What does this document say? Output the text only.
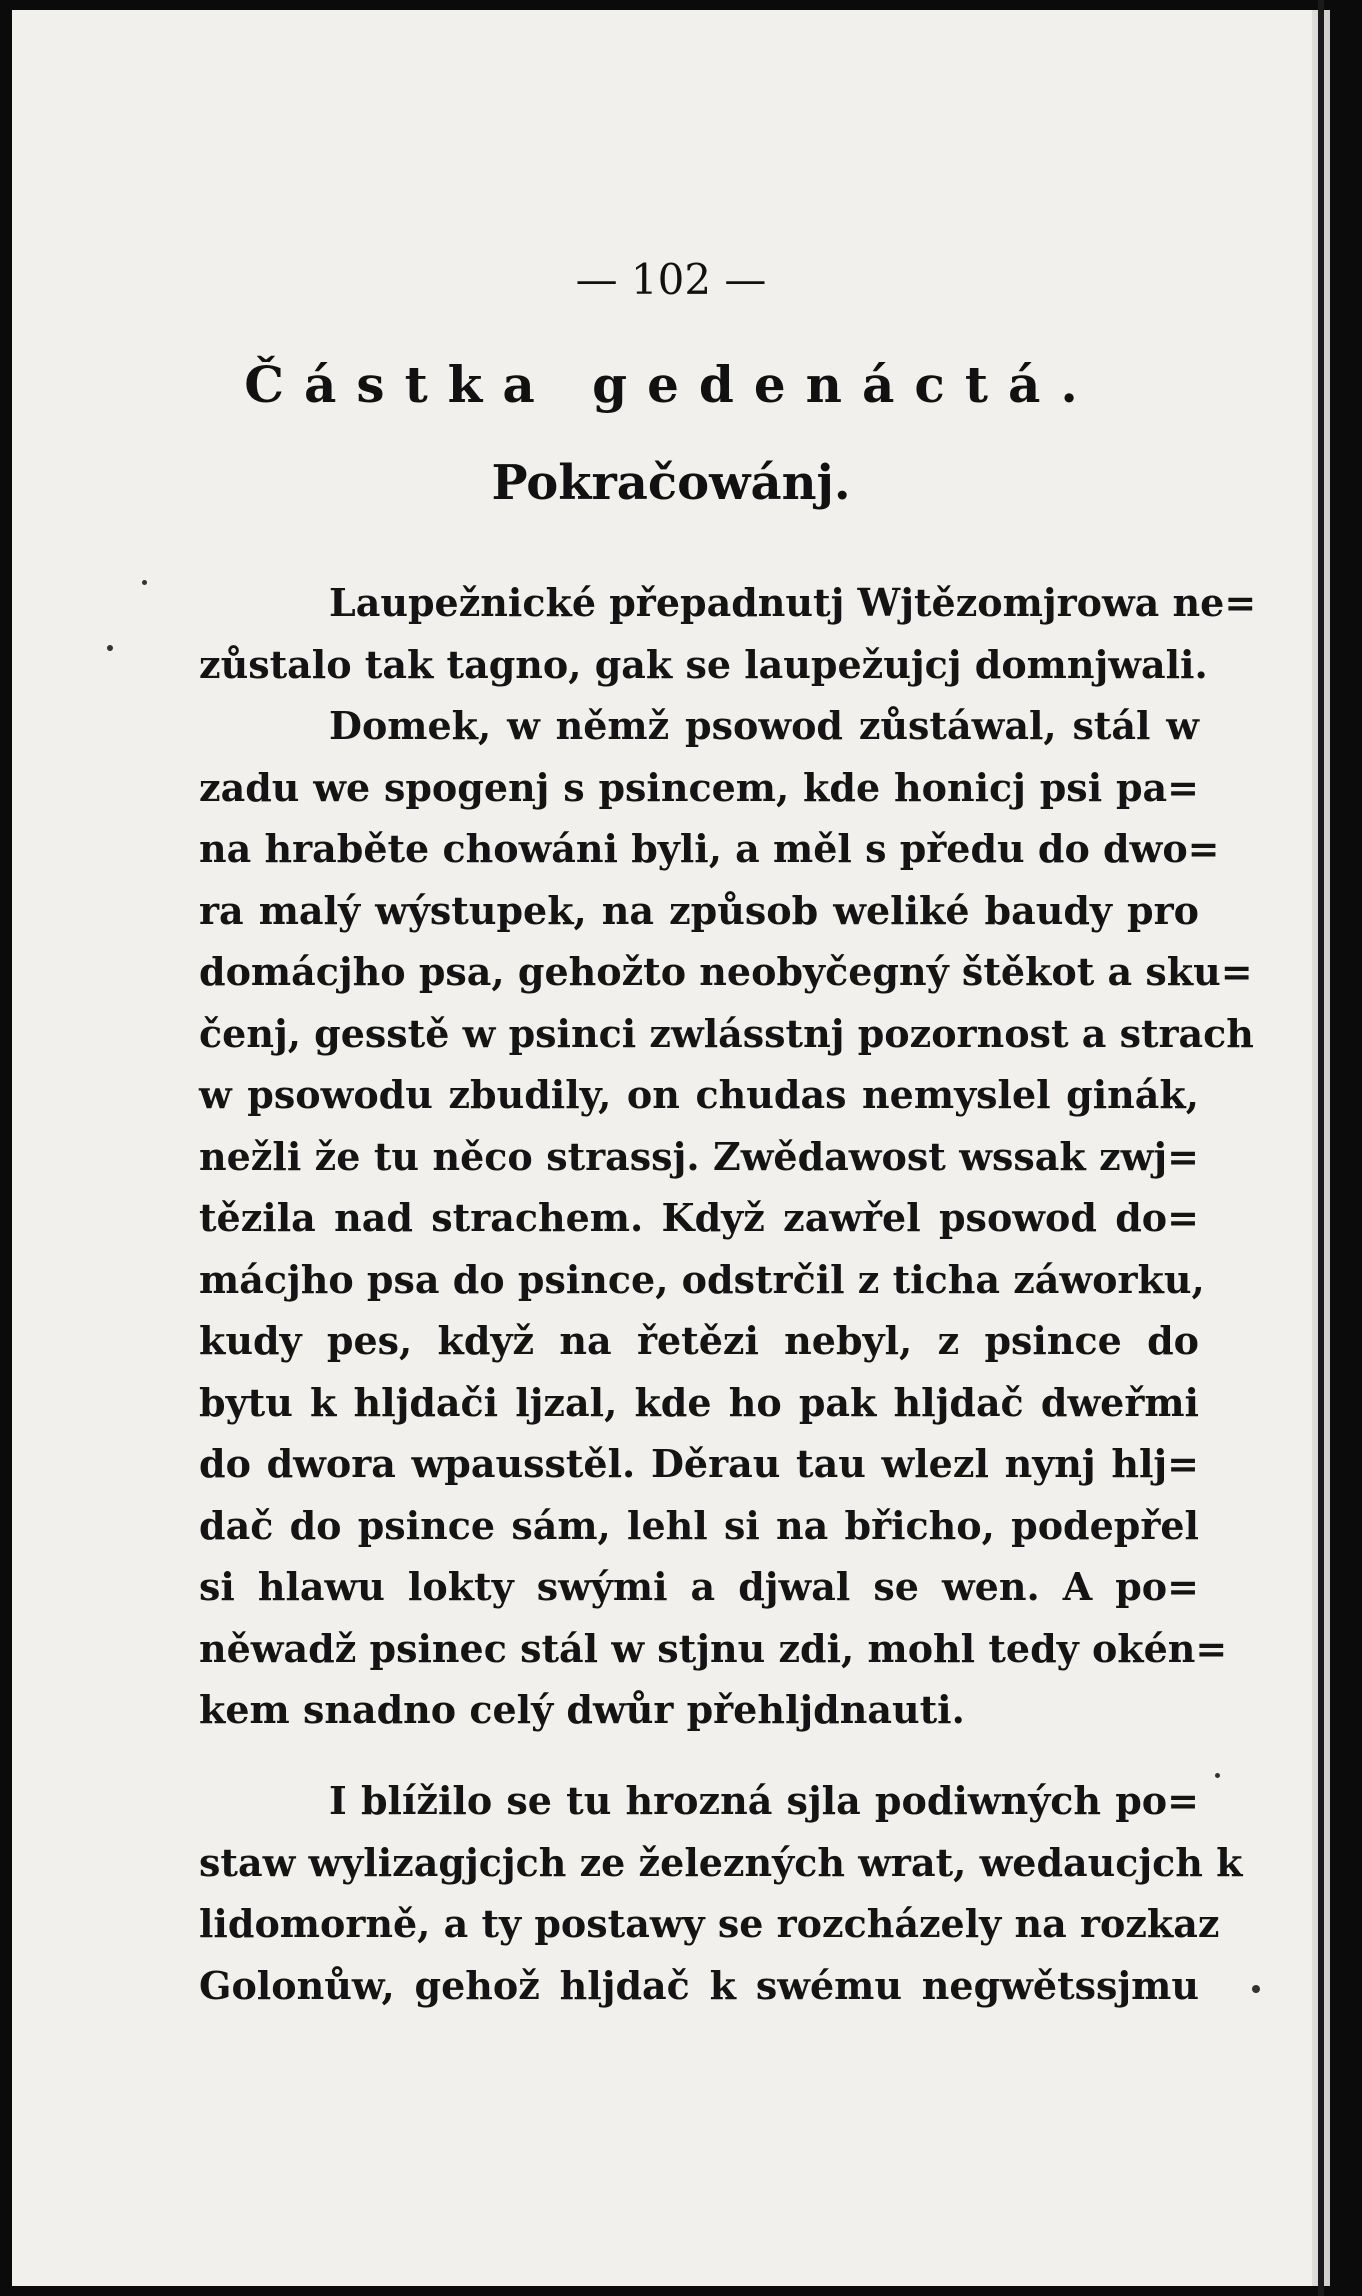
— 102 —
Částka gedenáctá.
Pokračowánj.
Laupežnické přepadnutj Wjtězomjrowa ne=
zůstalo tak tagno, gak se laupežujcj domnjwali.
Domek, w němž psowod zůstáwal, stál w
zadu we spogenj s psincem, kde honicj psi pa=
na hraběte chowáni byli, a měl s předu do dwo=
ra malý wýstupek, na způsob weliké baudy pro
domácjho psa, gehožto neobyčegný štěkot a sku=
čenj, gesstě w psinci zwlásstnj pozornost a strach
w psowodu zbudily, on chudas nemyslel ginák,
nežli že tu něco strassj. Zwědawost wssak zwj=
tězila nad strachem. Když zawřel psowod do=
mácjho psa do psince, odstrčil z ticha záworku,
kudy pes, když na řetězi nebyl, z psince do
bytu k hljdači ljzal, kde ho pak hljdač dweřmi
do dwora wpausstěl. Děrau tau wlezl nynj hlj=
dač do psince sám, lehl si na břicho, podepřel
si hlawu lokty swými a djwal se wen. A po=
něwadž psinec stál w stjnu zdi, mohl tedy okén=
kem snadno celý dwůr přehljdnauti.
I blížilo se tu hrozná sjla podiwných po=
staw wylizagjcjch ze železných wrat, wedaucjch k
lidomorně, a ty postawy se rozcházely na rozkaz
Golonůw, gehož hljdač k swému negwětssjmu
